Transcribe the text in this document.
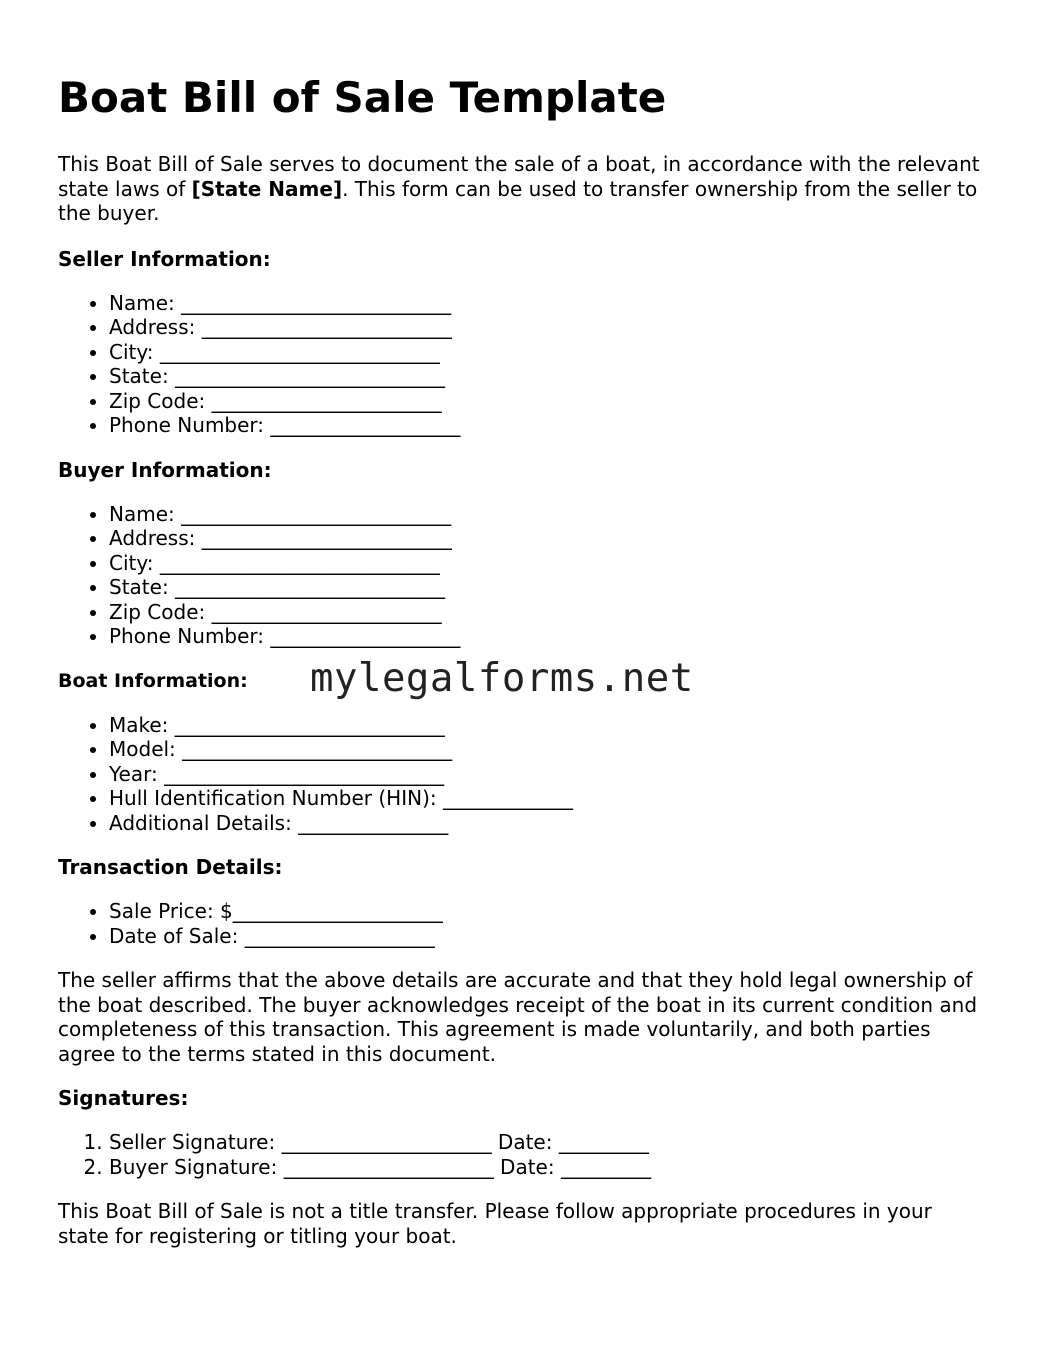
Boat Bill of Sale Template

This Boat Bill of Sale serves to document the sale of a boat, in accordance with the relevant state laws of [State Name]. This form can be used to transfer ownership from the seller to the buyer.

Seller Information:
• Name: ___________________________
• Address: _________________________
• City: ____________________________
• State: ___________________________
• Zip Code: _______________________
• Phone Number: ___________________
Buyer Information:
• Name: ___________________________
• Address: _________________________
• City: ____________________________
• State: ___________________________
• Zip Code: _______________________
• Phone Number: ___________________
Boat Information:
• Make: ___________________________
• Model: ___________________________
• Year: ____________________________
• Hull Identification Number (HIN): _____________
• Additional Details: _______________
Transaction Details:
• Sale Price: $_____________________
• Date of Sale: ___________________

The seller affirms that the above details are accurate and that they hold legal ownership of the boat described. The buyer acknowledges receipt of the boat in its current condition and completeness of this transaction. This agreement is made voluntarily, and both parties agree to the terms stated in this document.

Signatures:
1. Seller Signature: _____________________ Date: _________
2. Buyer Signature: _____________________ Date: _________

This Boat Bill of Sale is not a title transfer. Please follow appropriate procedures in your state for registering or titling your boat.

mylegalforms.net
